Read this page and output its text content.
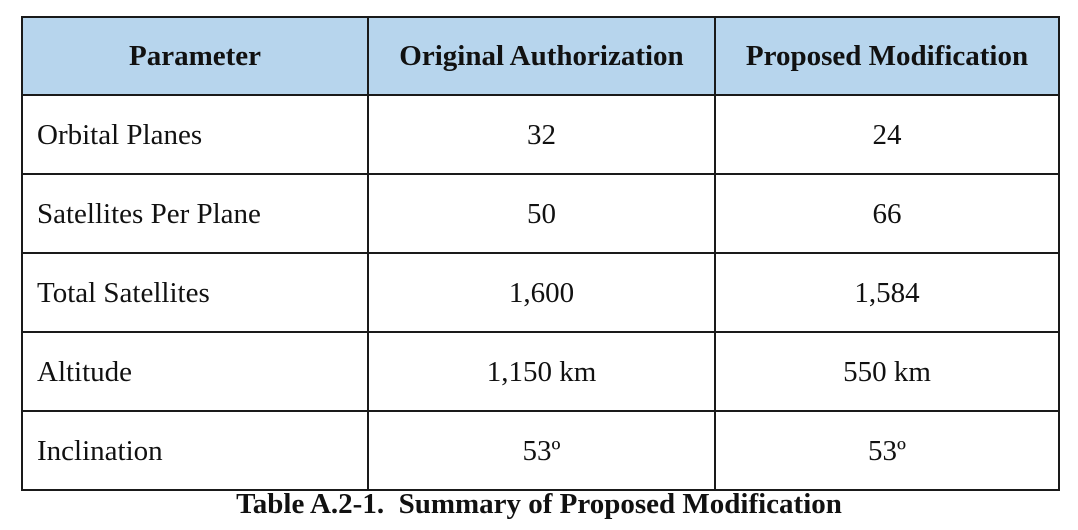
Parameter	Original Authorization	Proposed Modification
Orbital Planes	32	24
Satellites Per Plane	50	66
Total Satellites	1,600	1,584
Altitude	1,150 km	550 km
Inclination	53º	53º
Table A.2-1.  Summary of Proposed Modification
